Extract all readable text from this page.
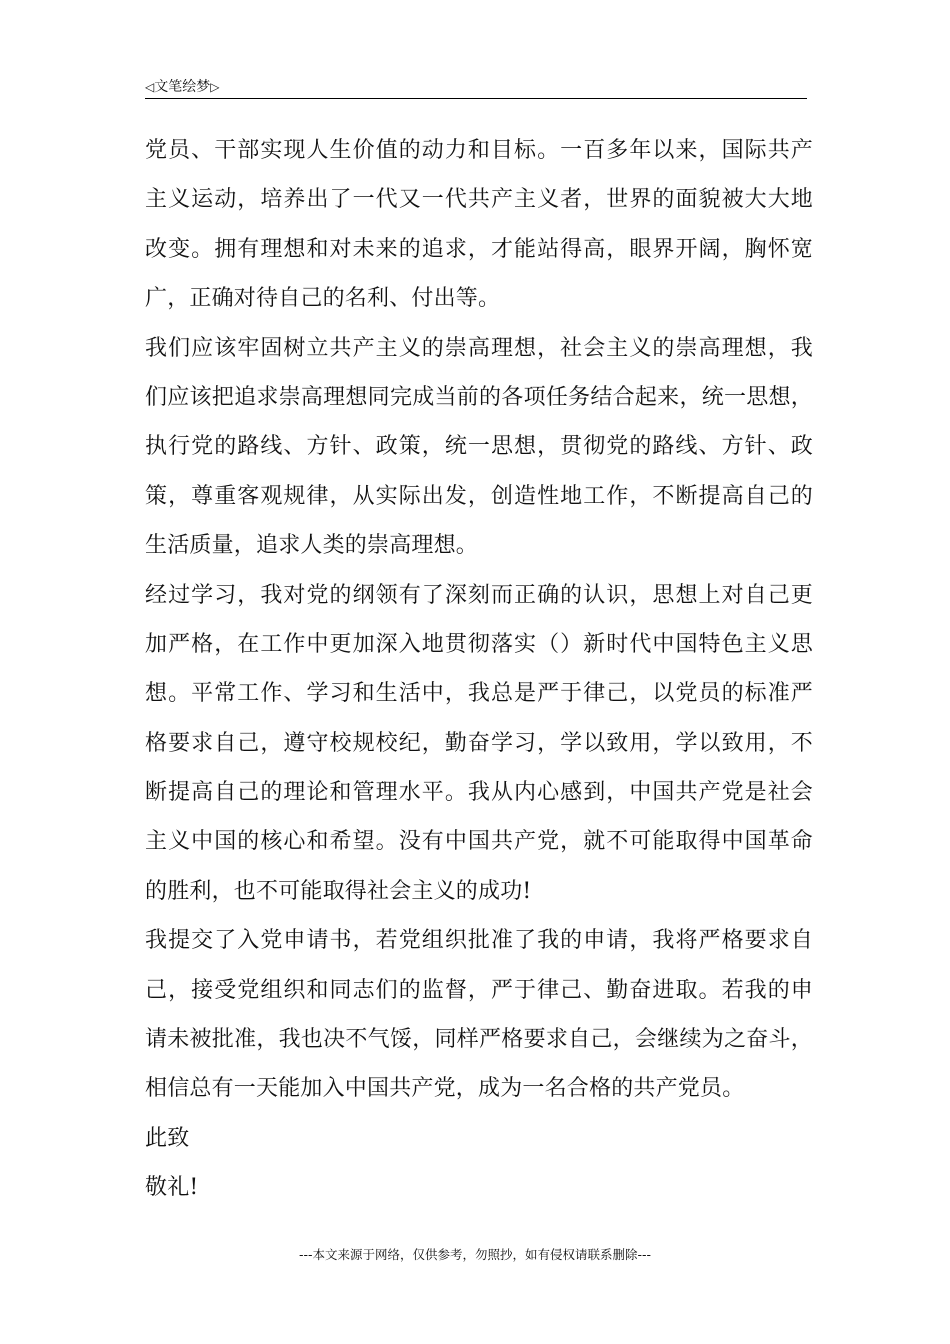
◁文笔绘梦▷
党员、干部实现人生价值的动力和目标。一百多年以来，国际共产
主义运动，培养出了一代又一代共产主义者，世界的面貌被大大地
改变。拥有理想和对未来的追求，才能站得高，眼界开阔，胸怀宽
广，正确对待自己的名利、付出等。
我们应该牢固树立共产主义的崇高理想，社会主义的崇高理想，我
们应该把追求崇高理想同完成当前的各项任务结合起来，统一思想，
执行党的路线、方针、政策，统一思想，贯彻党的路线、方针、政
策，尊重客观规律，从实际出发，创造性地工作，不断提高自己的
生活质量，追求人类的崇高理想。
经过学习，我对党的纲领有了深刻而正确的认识，思想上对自己更
加严格，在工作中更加深入地贯彻落实（）新时代中国特色主义思
想。平常工作、学习和生活中，我总是严于律己，以党员的标准严
格要求自己，遵守校规校纪，勤奋学习，学以致用，学以致用，不
断提高自己的理论和管理水平。我从内心感到，中国共产党是社会
主义中国的核心和希望。没有中国共产党，就不可能取得中国革命
的胜利，也不可能取得社会主义的成功!
我提交了入党申请书，若党组织批准了我的申请，我将严格要求自
己，接受党组织和同志们的监督，严于律己、勤奋进取。若我的申
请未被批准，我也决不气馁，同样严格要求自己，会继续为之奋斗，
相信总有一天能加入中国共产党，成为一名合格的共产党员。
此致
敬礼!
---本文来源于网络，仅供参考，勿照抄，如有侵权请联系删除---
